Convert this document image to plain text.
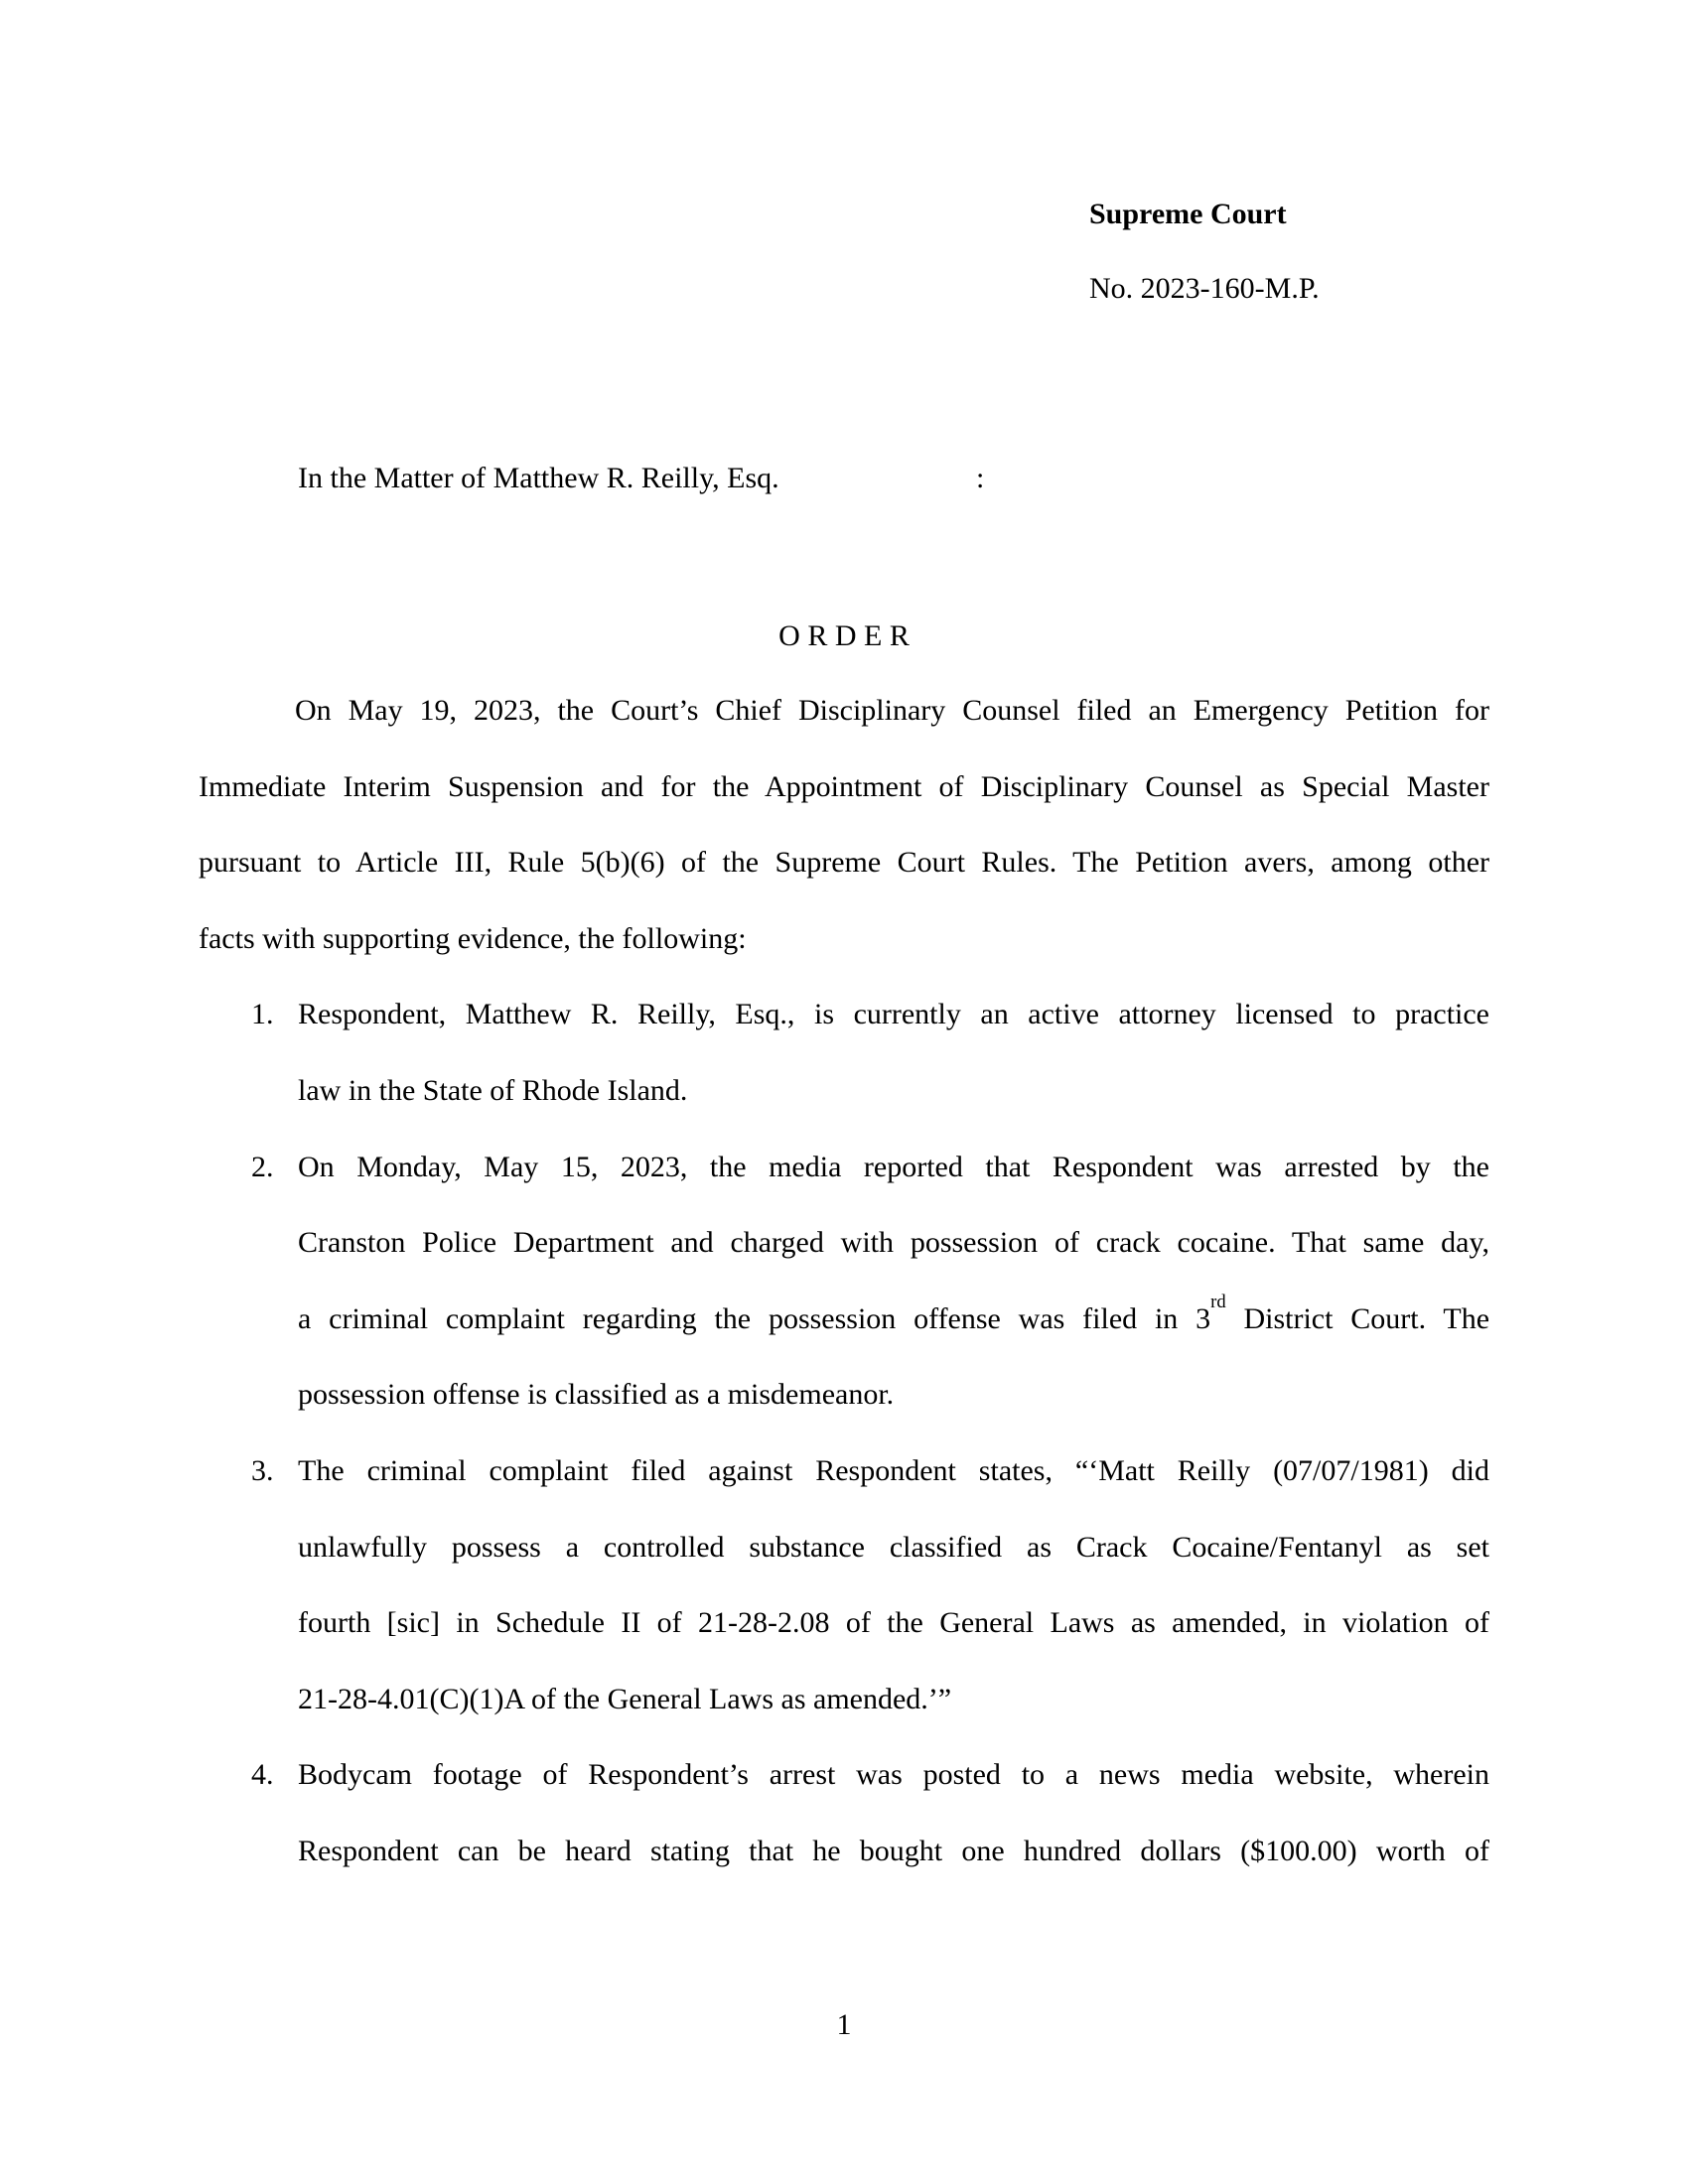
Supreme Court
No. 2023-160-M.P.
In the Matter of Matthew R. Reilly, Esq.	:
O R D E R
On May 19, 2023, the Court’s Chief Disciplinary Counsel filed an Emergency Petition for
Immediate Interim Suspension and for the Appointment of Disciplinary Counsel as Special Master
pursuant to Article III, Rule 5(b)(6) of the Supreme Court Rules. The Petition avers, among other
facts with supporting evidence, the following:
1. Respondent, Matthew R. Reilly, Esq., is currently an active attorney licensed to practice
law in the State of Rhode Island.
2. On Monday, May 15, 2023, the media reported that Respondent was arrested by the
Cranston Police Department and charged with possession of crack cocaine. That same day,
a criminal complaint regarding the possession offense was filed in 3rd District Court. The
possession offense is classified as a misdemeanor.
3. The criminal complaint filed against Respondent states, “‘Matt Reilly (07/07/1981) did
unlawfully possess a controlled substance classified as Crack Cocaine/Fentanyl as set
fourth [sic] in Schedule II of 21-28-2.08 of the General Laws as amended, in violation of
21-28-4.01(C)(1)A of the General Laws as amended.’”
4. Bodycam footage of Respondent’s arrest was posted to a news media website, wherein
Respondent can be heard stating that he bought one hundred dollars ($100.00) worth of
1
